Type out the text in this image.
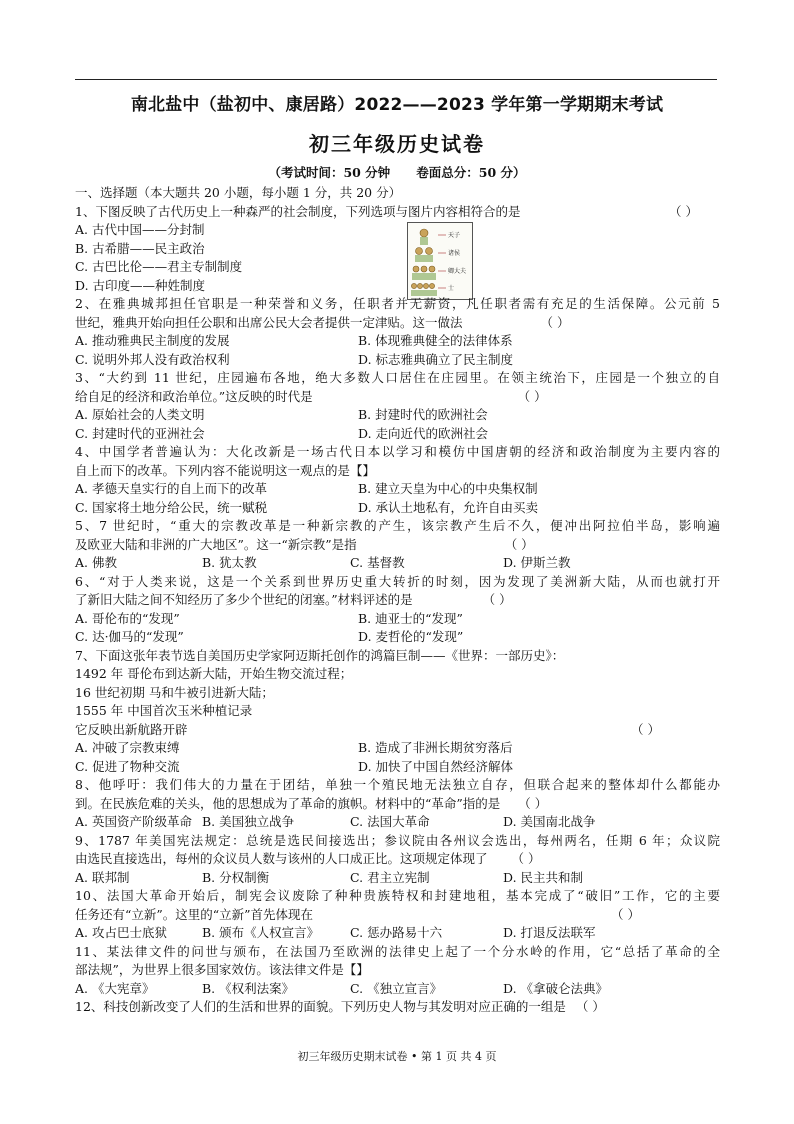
南北盐中（盐初中、康居路）2022——2023 学年第一学期期末考试
初三年级历史试卷
（考试时间：50 分钟      卷面总分：50 分）
天子
诸侯
卿大夫
士
一、选择题（本大题共 20 小题，每小题 1 分，共 20 分）
1、下图反映了古代历史上一种森严的社会制度，下列选项与图片内容相符合的是	（ ）
A. 古代中国——分封制
B. 古希腊——民主政治
C. 古巴比伦——君主专制制度
D. 古印度——种姓制度
2、在雅典城邦担任官职是一种荣誉和义务，任职者并无薪资，凡任职者需有充足的生活保障。公元前 5
世纪，雅典开始向担任公职和出席公民大会者提供一定津贴。这一做法	（ ）
A. 推动雅典民主制度的发展	B. 体现雅典健全的法律体系
C. 说明外邦人没有政治权利	D. 标志雅典确立了民主制度
3、“大约到 11 世纪，庄园遍布各地，绝大多数人口居住在庄园里。在领主统治下，庄园是一个独立的自
给自足的经济和政治单位。”这反映的时代是	（ ）
A. 原始社会的人类文明	B. 封建时代的欧洲社会
C. 封建时代的亚洲社会	D. 走向近代的欧洲社会
4、中国学者普遍认为：大化改新是一场古代日本以学习和模仿中国唐朝的经济和政治制度为主要内容的
自上而下的改革。下列内容不能说明这一观点的是【】
A. 孝德天皇实行的自上而下的改革	B. 建立天皇为中心的中央集权制
C. 国家将土地分给公民，统一赋税	D. 承认土地私有，允许自由买卖
5、7 世纪时，“重大的宗教改革是一种新宗教的产生，该宗教产生后不久，便冲出阿拉伯半岛，影响遍
及欧亚大陆和非洲的广大地区”。这一“新宗教”是指	（ ）
A. 佛教	B. 犹太教	C. 基督教	D. 伊斯兰教
6、“对于人类来说，这是一个关系到世界历史重大转折的时刻，因为发现了美洲新大陆，从而也就打开
了新旧大陆之间不知经历了多少个世纪的闭塞。”材料评述的是	（ ）
A. 哥伦布的“发现”	B. 迪亚士的“发现”
C. 达·伽马的“发现”	D. 麦哲伦的“发现”
7、下面这张年表节选自美国历史学家阿迈斯托创作的鸿篇巨制——《世界：一部历史》：
1492 年 哥伦布到达新大陆，开始生物交流过程；
16 世纪初期 马和牛被引进新大陆；
1555 年 中国首次玉米种植记录
它反映出新航路开辟	（ ）
A. 冲破了宗教束缚	B. 造成了非洲长期贫穷落后
C. 促进了物种交流	D. 加快了中国自然经济解体
8、他呼吁：我们伟大的力量在于团结，单独一个殖民地无法独立自存，但联合起来的整体却什么都能办
到。在民族危难的关头，他的思想成为了革命的旗帜。材料中的“革命”指的是 （ ）
A. 英国资产阶级革命 B. 美国独立战争	C. 法国大革命	D. 美国南北战争
9、1787 年美国宪法规定：总统是选民间接选出；参议院由各州议会选出，每州两名，任期 6 年；众议院
由选民直接选出，每州的众议员人数与该州的人口成正比。这项规定体现了 （ ）
A. 联邦制	B. 分权制衡	C. 君主立宪制	D. 民主共和制
10、法国大革命开始后，制宪会议废除了种种贵族特权和封建地租，基本完成了“破旧”工作，它的主要
任务还有“立新”。这里的“立新”首先体现在	（ ）
A. 攻占巴士底狱	B. 颁布《人权宣言》	C. 惩办路易十六	D. 打退反法联军
11、某法律文件的问世与颁布，在法国乃至欧洲的法律史上起了一个分水岭的作用，它“总括了革命的全
部法规”，为世界上很多国家效仿。该法律文件是【】
A. 《大宪章》	B. 《权利法案》	C. 《独立宣言》	D. 《拿破仑法典》
12、科技创新改变了人们的生活和世界的面貌。下列历史人物与其发明对应正确的一组是 （ ）
初三年级历史期末试卷 • 第 1 页 共 4 页
